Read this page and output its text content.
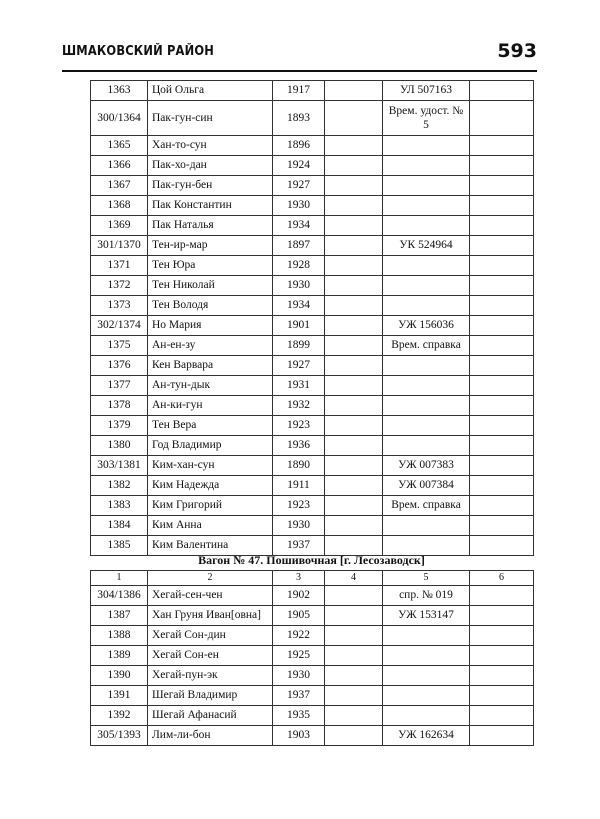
ШМАКОВСКИЙ РАЙОН	593
1363	Цой Ольга	1917		УЛ 507163	
300/1364	Пак-гун-син	1893		Врем. удост. № 5	
1365	Хан-то-сун	1896			
1366	Пак-хо-дан	1924			
1367	Пак-гун-бен	1927			
1368	Пак Константин	1930			
1369	Пак Наталья	1934			
301/1370	Тен-ир-мар	1897		УК 524964	
1371	Тен Юра	1928			
1372	Тен Николай	1930			
1373	Тен Володя	1934			
302/1374	Но Мария	1901		УЖ 156036	
1375	Ан-ен-зу	1899		Врем. справка	
1376	Кен Варвара	1927			
1377	Ан-тун-дык	1931			
1378	Ан-ки-гун	1932			
1379	Тен Вера	1923			
1380	Год Владимир	1936			
303/1381	Ким-хан-сун	1890		УЖ 007383	
1382	Ким Надежда	1911		УЖ 007384	
1383	Ким Григорий	1923		Врем. справка	
1384	Ким Анна	1930			
1385	Ким Валентина	1937			
Вагон № 47. Пошивочная [г. Лесозаводск]
1	2	3	4	5	6
304/1386	Хегай-сен-чен	1902		спр. № 019	
1387	Хан Груня Иван[овна]	1905		УЖ 153147	
1388	Хегай Сон-дин	1922			
1389	Хегай Сон-ен	1925			
1390	Хегай-пун-эк	1930			
1391	Шегай Владимир	1937			
1392	Шегай Афанасий	1935			
305/1393	Лим-ли-бон	1903		УЖ 162634	
